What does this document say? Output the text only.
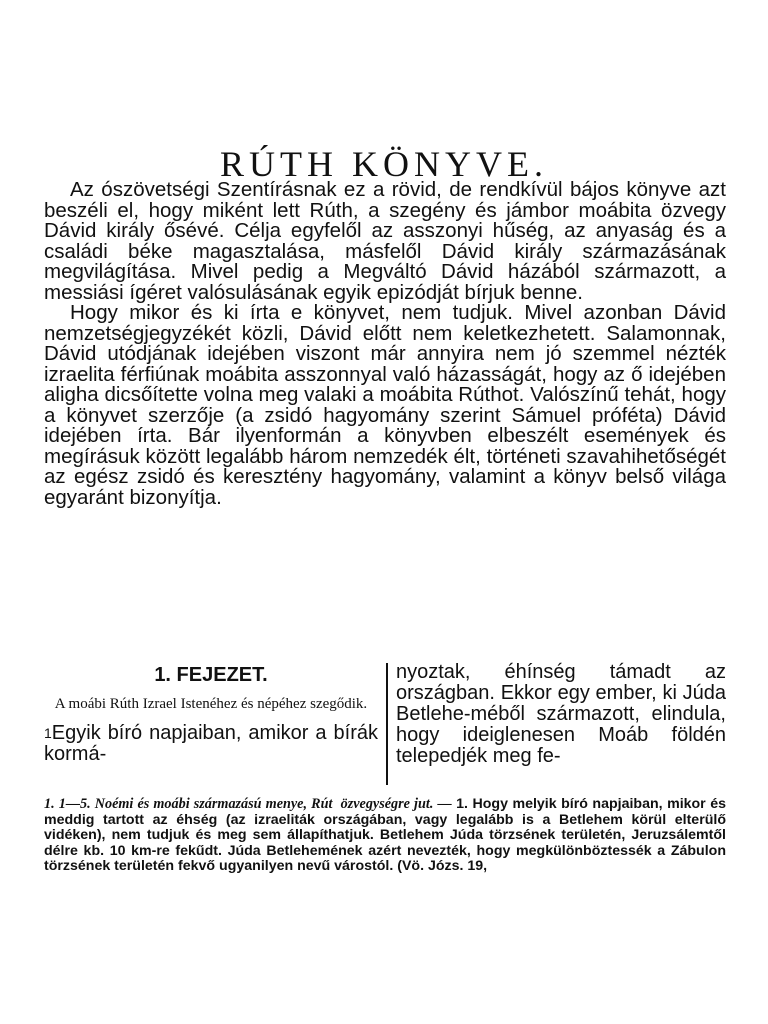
RÚTH KÖNYVE.

Az ószövetségi Szentírásnak ez a rövid, de rendkívül bájos könyve azt beszéli el, hogy miként lett Rúth, a szegény és jámbor moábita özvegy Dávid király ősévé. Célja egyfelől az asszonyi hűség, az anyaság és a családi béke magasztalása, másfelől Dávid király származásának megvilágítása. Mivel pedig a Megváltó Dávid házából származott, a messiási ígéret valósulásának egyik epizódját bírjuk benne.

Hogy mikor és ki írta e könyvet, nem tudjuk. Mivel azonban Dávid nemzetségjegyzékét közli, Dávid előtt nem keletkezhetett. Salamonnak, Dávid utódjának idejében viszont már annyira nem jó szemmel nézték izraelita férfiúnak moábita asszonnyal való házasságát, hogy az ő idejében aligha dicsőítette volna meg valaki a moábita Rúthot. Valószínű tehát, hogy a könyvet szerzője (a zsidó hagyomány szerint Sámuel próféta) Dávid idejében írta. Bár ilyenformán a könyvben elbeszélt események és megírásuk között legalább három nemzedék élt, történeti szavahihetőségét az egész zsidó és keresztény hagyomány, valamint a könyv belső világa egyaránt bizonyítja.

1. FEJEZET.

A moábi Rúth Izrael Istenéhez és népéhez szegődik.

$^1$Egyik bíró napjaiban, amikor a bírák kormá-

nyoztak, éhínség támadt az országban. Ekkor egy ember, ki Júda Betlehe-méből származott, elindula, hogy ideiglenesen Moáb földén telepedjék meg fe-

1. 1—5. Noémi és moábi származású menye, Rút ​ özvegységre jut. — 1. Hogy melyik bíró napjaiban, mikor és meddig tartott az éhség (az izraeliták országában, vagy legalább is a Betlehem körül elterülő vidéken), nem tudjuk és meg sem állapíthatjuk. Betlehem Júda törzsének területén, Jeruzsálemtől délre kb. 10 km-re fekűdt. Júda Betlehemének azért nevezték, hogy megkülönböztessék a Zábulon törzsének területén fekvő ugyanilyen nevű várostól. (Vö. Józs. 19,
